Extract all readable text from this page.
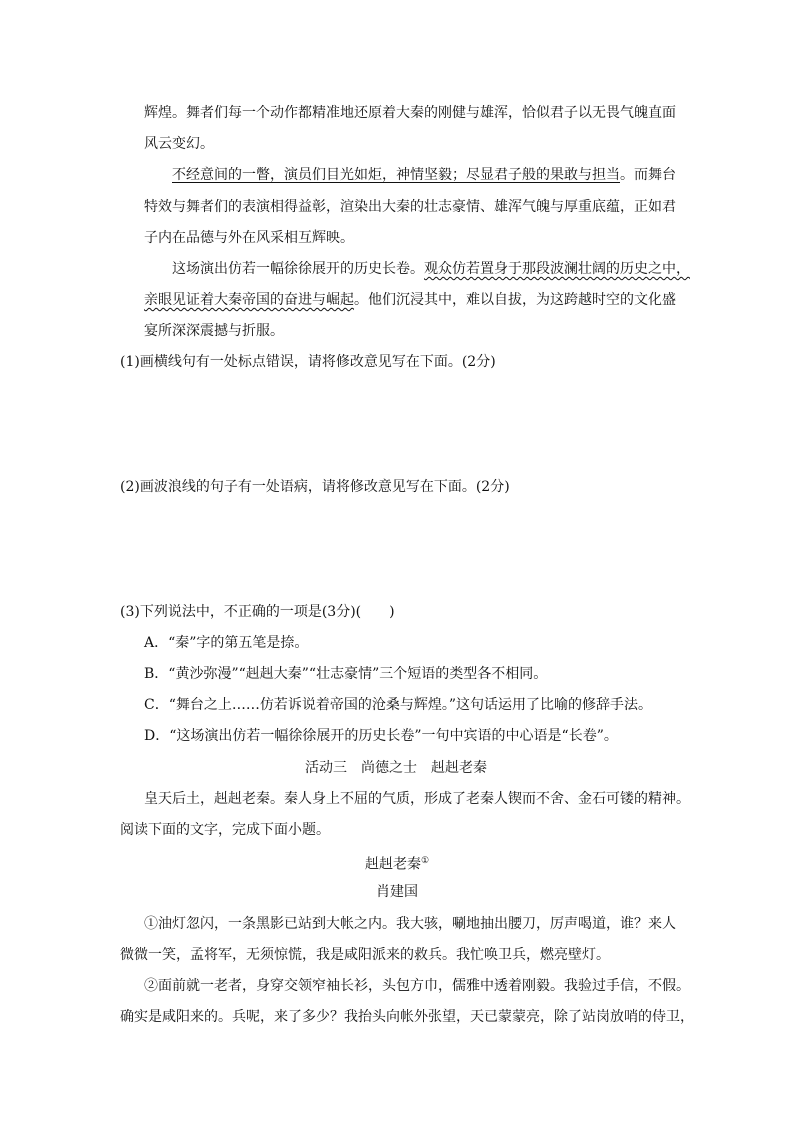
辉煌。舞者们每一个动作都精准地还原着大秦的刚健与雄浑，恰似君子以无畏气魄直面
风云变幻。
不经意间的一瞥，演员们目光如炬，神情坚毅；尽显君子般的果敢与担当。而舞台
特效与舞者们的表演相得益彰，渲染出大秦的壮志豪情、雄浑气魄与厚重底蕴，正如君
子内在品德与外在风采相互辉映。
这场演出仿若一幅徐徐展开的历史长卷。观众仿若置身于那段波澜壮阔的历史之中，
亲眼见证着大秦帝国的奋进与崛起。他们沉浸其中，难以自拔，为这跨越时空的文化盛
宴所深深震撼与折服。
(1)画横线句有一处标点错误，请将修改意见写在下面。(2分)
(2)画波浪线的句子有一处语病，请将修改意见写在下面。(2分)
(3)下列说法中，不正确的一项是(3分)(　　)
A．“秦”字的第五笔是捺。
B．“黄沙弥漫”“赳赳大秦”“壮志豪情”三个短语的类型各不相同。
C．“舞台之上……仿若诉说着帝国的沧桑与辉煌。”这句话运用了比喻的修辞手法。
D．“这场演出仿若一幅徐徐展开的历史长卷”一句中宾语的中心语是“长卷”。
活动三　尚德之士　赳赳老秦
皇天后土，赳赳老秦。秦人身上不屈的气质，形成了老秦人锲而不舍、金石可镂的精神。
阅读下面的文字，完成下面小题。
赳赳老秦①
肖建国
①油灯忽闪，一条黑影已站到大帐之内。我大骇，唰地抽出腰刀，厉声喝道，谁？来人
微微一笑，孟将军，无须惊慌，我是咸阳派来的救兵。我忙唤卫兵，燃亮壁灯。
②面前就一老者，身穿交领窄袖长衫，头包方巾，儒雅中透着刚毅。我验过手信，不假。
确实是咸阳来的。兵呢，来了多少？我抬头向帐外张望，天已蒙蒙亮，除了站岗放哨的侍卫，
